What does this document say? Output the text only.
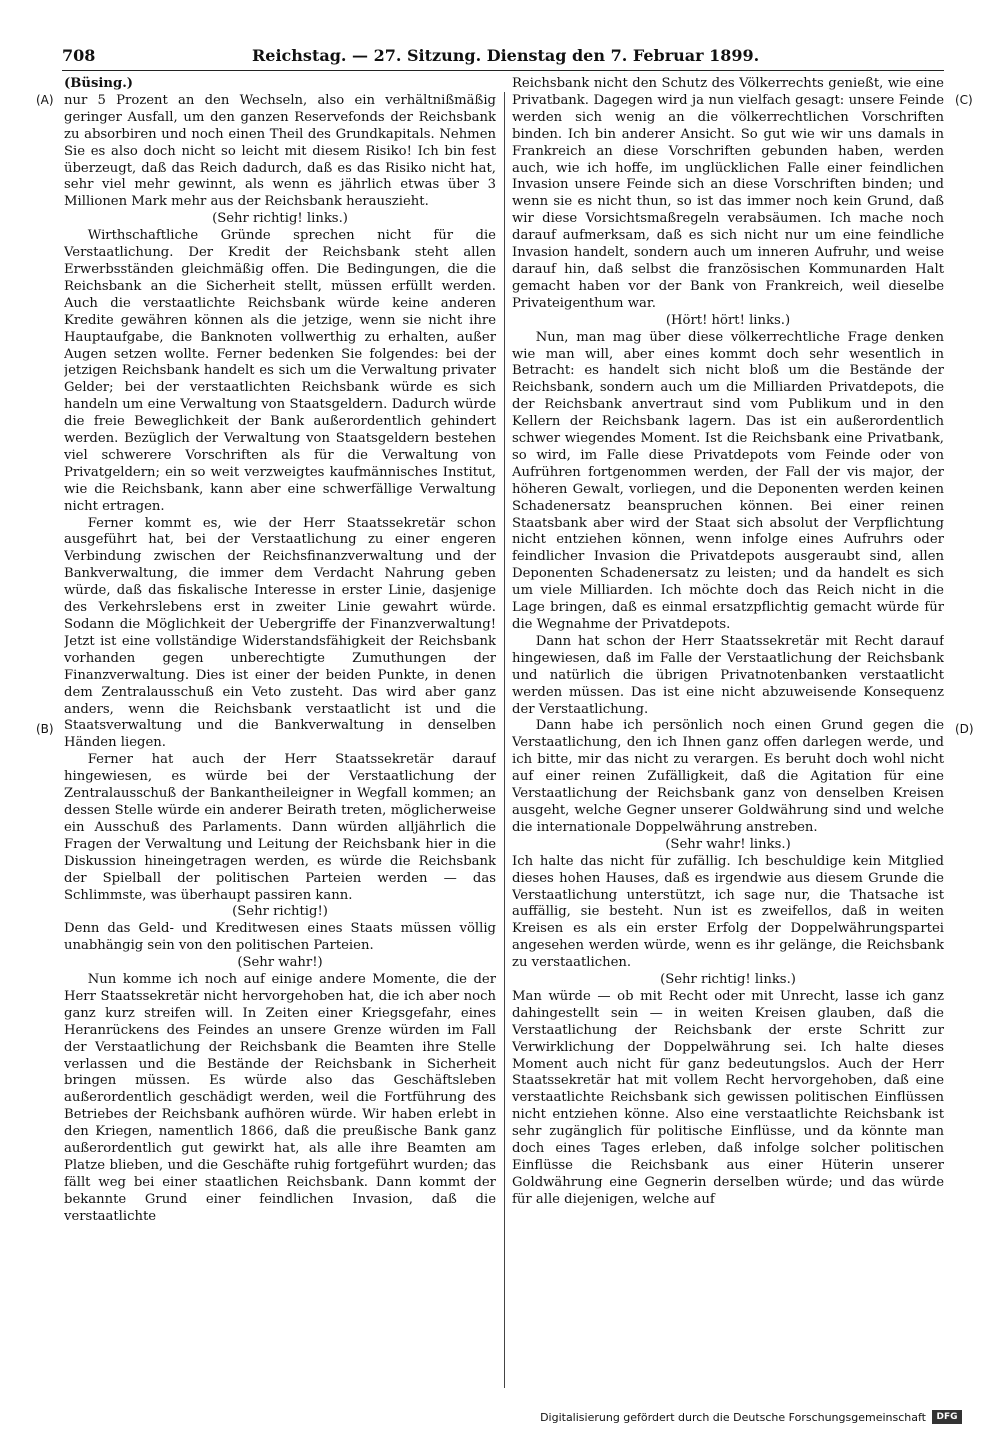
708	Reichstag. — 27. Sitzung. Dienstag den 7. Februar 1899.
(A)
(B)
(C)
(D)

(Büsing.)

nur 5 Prozent an den Wechseln, also ein verhältnißmäßig geringer Ausfall, um den ganzen Reservefonds der Reichsbank zu absorbiren und noch einen Theil des Grundkapitals. Nehmen Sie es also doch nicht so leicht mit diesem Risiko! Ich bin fest überzeugt, daß das Reich dadurch, daß es das Risiko nicht hat, sehr viel mehr gewinnt, als wenn es jährlich etwas über 3 Millionen Mark mehr aus der Reichsbank herauszieht.

(Sehr richtig! links.)

Wirthschaftliche Gründe sprechen nicht für die Verstaatlichung. Der Kredit der Reichsbank steht allen Erwerbsständen gleichmäßig offen. Die Bedingungen, die die Reichsbank an die Sicherheit stellt, müssen erfüllt werden. Auch die verstaatlichte Reichsbank würde keine anderen Kredite gewähren können als die jetzige, wenn sie nicht ihre Hauptaufgabe, die Banknoten vollwerthig zu erhalten, außer Augen setzen wollte. Ferner bedenken Sie folgendes: bei der jetzigen Reichsbank handelt es sich um die Verwaltung privater Gelder; bei der verstaatlichten Reichsbank würde es sich handeln um eine Verwaltung von Staatsgeldern. Dadurch würde die freie Beweglichkeit der Bank außerordentlich gehindert werden. Bezüglich der Verwaltung von Staatsgeldern bestehen viel schwerere Vorschriften als für die Verwaltung von Privatgeldern; ein so weit verzweigtes kaufmännisches Institut, wie die Reichsbank, kann aber eine schwerfällige Verwaltung nicht ertragen.

Ferner kommt es, wie der Herr Staatssekretär schon ausgeführt hat, bei der Verstaatlichung zu einer engeren Verbindung zwischen der Reichsfinanzverwaltung und der Bankverwaltung, die immer dem Verdacht Nahrung geben würde, daß das fiskalische Interesse in erster Linie, dasjenige des Verkehrslebens erst in zweiter Linie gewahrt würde. Sodann die Möglichkeit der Uebergriffe der Finanzverwaltung! Jetzt ist eine vollständige Widerstandsfähigkeit der Reichsbank vorhanden gegen unberechtigte Zumuthungen der Finanzverwaltung. Dies ist einer der beiden Punkte, in denen dem Zentralausschuß ein Veto zusteht. Das wird aber ganz anders, wenn die Reichsbank verstaatlicht ist und die Staatsverwaltung und die Bankverwaltung in denselben Händen liegen.

Ferner hat auch der Herr Staatssekretär darauf hingewiesen, es würde bei der Verstaatlichung der Zentralausschuß der Bankantheileigner in Wegfall kommen; an dessen Stelle würde ein anderer Beirath treten, möglicherweise ein Ausschuß des Parlaments. Dann würden alljährlich die Fragen der Verwaltung und Leitung der Reichsbank hier in die Diskussion hineingetragen werden, es würde die Reichsbank der Spielball der politischen Parteien werden — das Schlimmste, was überhaupt passiren kann.

(Sehr richtig!)

Denn das Geld- und Kreditwesen eines Staats müssen völlig unabhängig sein von den politischen Parteien.

(Sehr wahr!)

Nun komme ich noch auf einige andere Momente, die der Herr Staatssekretär nicht hervorgehoben hat, die ich aber noch ganz kurz streifen will. In Zeiten einer Kriegsgefahr, eines Heranrückens des Feindes an unsere Grenze würden im Fall der Verstaatlichung der Reichsbank die Beamten ihre Stelle verlassen und die Bestände der Reichsbank in Sicherheit bringen müssen. Es würde also das Geschäftsleben außerordentlich geschädigt werden, weil die Fortführung des Betriebes der Reichsbank aufhören würde. Wir haben erlebt in den Kriegen, namentlich 1866, daß die preußische Bank ganz außerordentlich gut gewirkt hat, als alle ihre Beamten am Platze blieben, und die Geschäfte ruhig fortgeführt wurden; das fällt weg bei einer staatlichen Reichsbank. Dann kommt der bekannte Grund einer feindlichen Invasion, daß die verstaatlichte

Reichsbank nicht den Schutz des Völkerrechts genießt, wie eine Privatbank. Dagegen wird ja nun vielfach gesagt: unsere Feinde werden sich wenig an die völkerrechtlichen Vorschriften binden. Ich bin anderer Ansicht. So gut wie wir uns damals in Frankreich an diese Vorschriften gebunden haben, werden auch, wie ich hoffe, im unglücklichen Falle einer feindlichen Invasion unsere Feinde sich an diese Vorschriften binden; und wenn sie es nicht thun, so ist das immer noch kein Grund, daß wir diese Vorsichtsmaßregeln verabsäumen. Ich mache noch darauf aufmerksam, daß es sich nicht nur um eine feindliche Invasion handelt, sondern auch um inneren Aufruhr, und weise darauf hin, daß selbst die französischen Kommunarden Halt gemacht haben vor der Bank von Frankreich, weil dieselbe Privateigenthum war.

(Hört! hört! links.)

Nun, man mag über diese völkerrechtliche Frage denken wie man will, aber eines kommt doch sehr wesentlich in Betracht: es handelt sich nicht bloß um die Bestände der Reichsbank, sondern auch um die Milliarden Privatdepots, die der Reichsbank anvertraut sind vom Publikum und in den Kellern der Reichsbank lagern. Das ist ein außerordentlich schwer wiegendes Moment. Ist die Reichsbank eine Privatbank, so wird, im Falle diese Privatdepots vom Feinde oder von Aufrühren fortgenommen werden, der Fall der vis major, der höheren Gewalt, vorliegen, und die Deponenten werden keinen Schadenersatz beanspruchen können. Bei einer reinen Staatsbank aber wird der Staat sich absolut der Verpflichtung nicht entziehen können, wenn infolge eines Aufruhrs oder feindlicher Invasion die Privatdepots ausgeraubt sind, allen Deponenten Schadenersatz zu leisten; und da handelt es sich um viele Milliarden. Ich möchte doch das Reich nicht in die Lage bringen, daß es einmal ersatzpflichtig gemacht würde für die Wegnahme der Privatdepots.

Dann hat schon der Herr Staatssekretär mit Recht darauf hingewiesen, daß im Falle der Verstaatlichung der Reichsbank und natürlich die übrigen Privatnotenbanken verstaatlicht werden müssen. Das ist eine nicht abzuweisende Konsequenz der Verstaatlichung.

Dann habe ich persönlich noch einen Grund gegen die Verstaatlichung, den ich Ihnen ganz offen darlegen werde, und ich bitte, mir das nicht zu verargen. Es beruht doch wohl nicht auf einer reinen Zufälligkeit, daß die Agitation für eine Verstaatlichung der Reichsbank ganz von denselben Kreisen ausgeht, welche Gegner unserer Goldwährung sind und welche die internationale Doppelwährung anstreben.

(Sehr wahr! links.)

Ich halte das nicht für zufällig. Ich beschuldige kein Mitglied dieses hohen Hauses, daß es irgendwie aus diesem Grunde die Verstaatlichung unterstützt, ich sage nur, die Thatsache ist auffällig, sie besteht. Nun ist es zweifellos, daß in weiten Kreisen es als ein erster Erfolg der Doppelwährungspartei angesehen werden würde, wenn es ihr gelänge, die Reichsbank zu verstaatlichen.

(Sehr richtig! links.)

Man würde — ob mit Recht oder mit Unrecht, lasse ich ganz dahingestellt sein — in weiten Kreisen glauben, daß die Verstaatlichung der Reichsbank der erste Schritt zur Verwirklichung der Doppelwährung sei. Ich halte dieses Moment auch nicht für ganz bedeutungslos. Auch der Herr Staatssekretär hat mit vollem Recht hervorgehoben, daß eine verstaatlichte Reichsbank sich gewissen politischen Einflüssen nicht entziehen könne. Also eine verstaatlichte Reichsbank ist sehr zugänglich für politische Einflüsse, und da könnte man doch eines Tages erleben, daß infolge solcher politischen Einflüsse die Reichsbank aus einer Hüterin unserer Goldwährung eine Gegnerin derselben würde; und das würde für alle diejenigen, welche auf

Digitalisierung gefördert durch die Deutsche Forschungsgemeinschaft	DFG
